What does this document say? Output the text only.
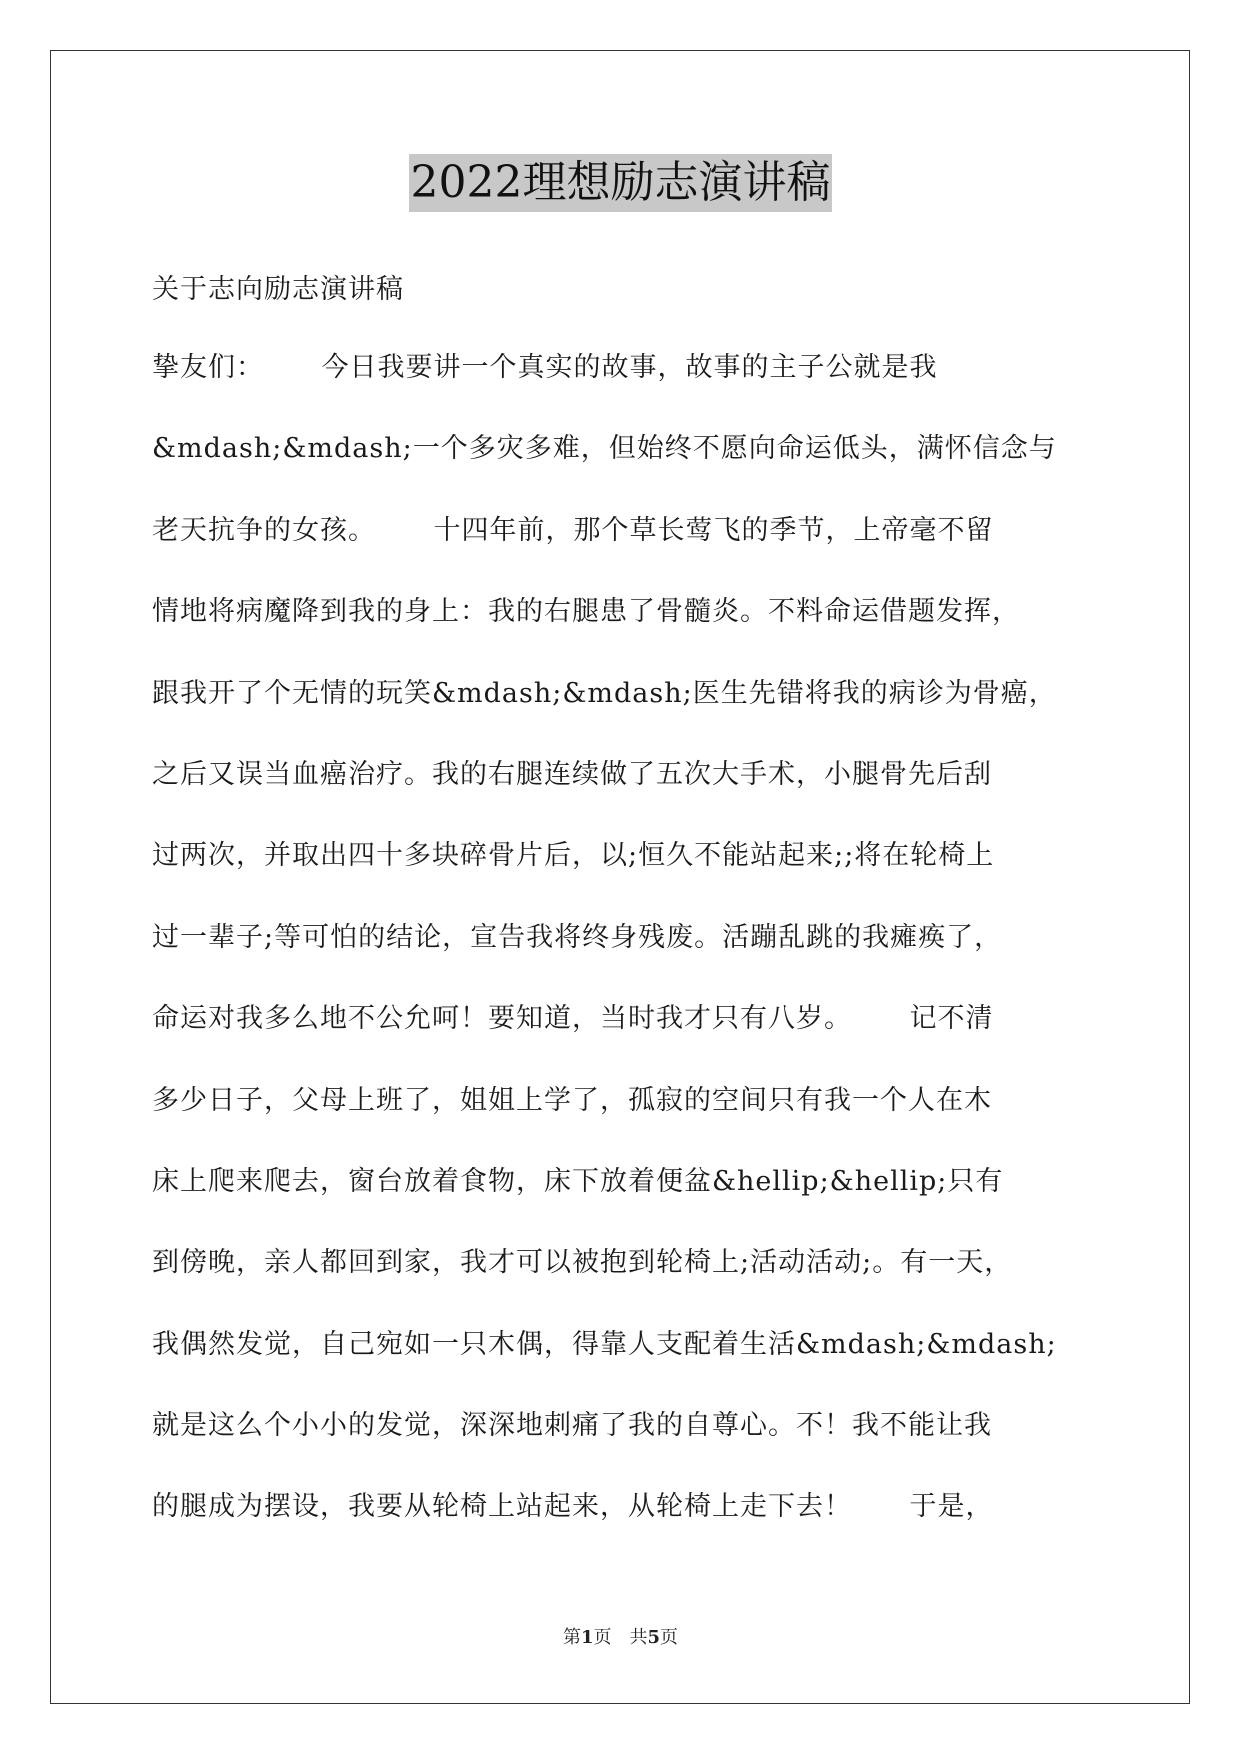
2022理想励志演讲稿
关于志向励志演讲稿
挚友们：      今日我要讲一个真实的故事，故事的主子公就是我
&mdash;&mdash;一个多灾多难，但始终不愿向命运低头，满怀信念与
老天抗争的女孩。      十四年前，那个草长莺飞的季节，上帝毫不留
情地将病魔降到我的身上：我的右腿患了骨髓炎。不料命运借题发挥，
跟我开了个无情的玩笑&mdash;&mdash;医生先错将我的病诊为骨癌，
之后又误当血癌治疗。我的右腿连续做了五次大手术，小腿骨先后刮
过两次，并取出四十多块碎骨片后，以;恒久不能站起来;;将在轮椅上
过一辈子;等可怕的结论，宣告我将终身残废。活蹦乱跳的我瘫痪了，
命运对我多么地不公允呵！要知道，当时我才只有八岁。      记不清
多少日子，父母上班了，姐姐上学了，孤寂的空间只有我一个人在木
床上爬来爬去，窗台放着食物，床下放着便盆&hellip;&hellip;只有
到傍晚，亲人都回到家，我才可以被抱到轮椅上;活动活动;。有一天，
我偶然发觉，自己宛如一只木偶，得靠人支配着生活&mdash;&mdash;
就是这么个小小的发觉，深深地刺痛了我的自尊心。不！我不能让我
的腿成为摆设，我要从轮椅上站起来，从轮椅上走下去！      于是，
第1页　共5页
